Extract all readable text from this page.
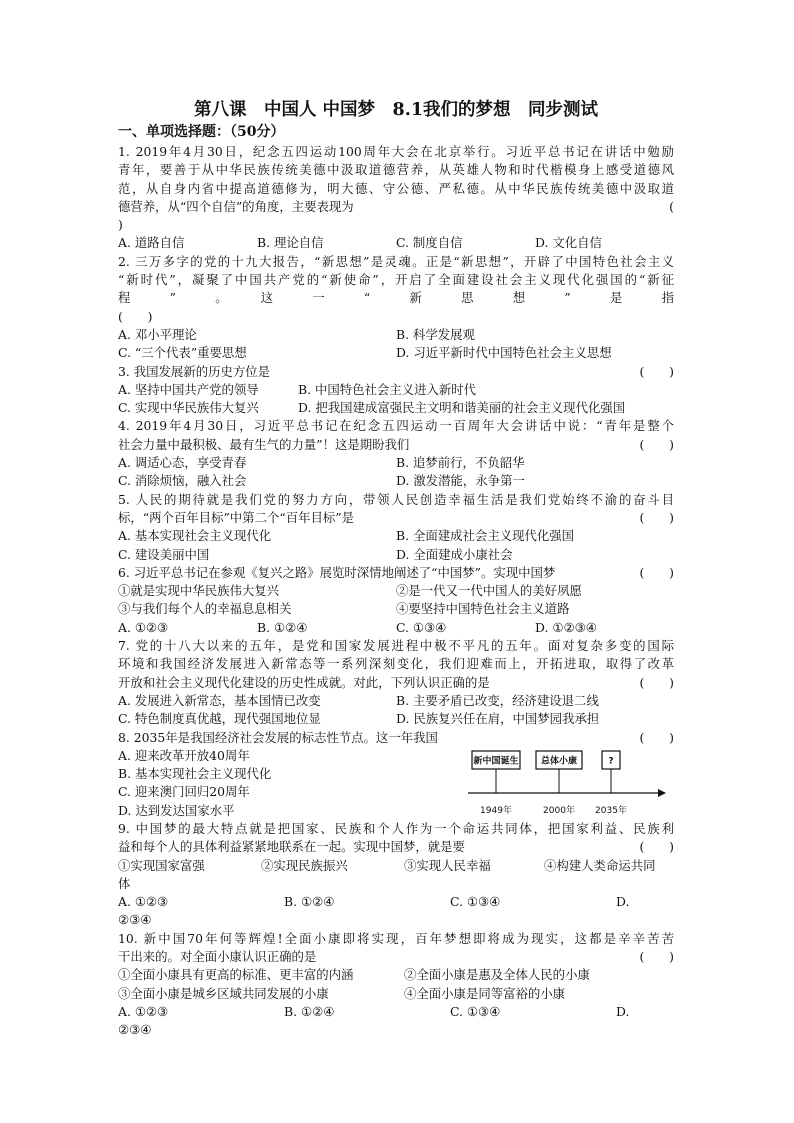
第八课　中国人 中国梦　8.1我们的梦想　同步测试
一、单项选择题：（50分）
1. 2019年4月30日，纪念五四运动100周年大会在北京举行。习近平总书记在讲话中勉励
青年，要善于从中华民族传统美德中汲取道德营养，从英雄人物和时代楷模身上感受道德风
范，从自身内省中提高道德修为，明大德、守公德、严私德。从中华民族传统美德中汲取道
德营养，从“四个自信”的角度，主要表现为	(
)
A. 道路自信	B. 理论自信	C. 制度自信	D. 文化自信
2. 三万多字的党的十九大报告，“新思想”是灵魂。正是“新思想”，开辟了中国特色社会主义
“新时代”，凝聚了中国共产党的“新使命”，开启了全面建设社会主义现代化强国的“新征
程　”　。　这　一　“　新　思　想　”　是　指
(　　)
A. 邓小平理论	B. 科学发展观
C. “三个代表”重要思想	D. 习近平新时代中国特色社会主义思想
3. 我国发展新的历史方位是	(　　)
A. 坚持中国共产党的领导	B. 中国特色社会主义进入新时代
C. 实现中华民族伟大复兴	D. 把我国建成富强民主文明和谐美丽的社会主义现代化强国
4. 2019年4月30日，习近平总书记在纪念五四运动一百周年大会讲话中说：“青年是整个
社会力量中最积极、最有生气的力量”！这是期盼我们	(　　)
A. 调适心态，享受青春	B. 追梦前行，不负韶华
C. 消除烦恼，融入社会	D. 激发潜能，永争第一
5. 人民的期待就是我们党的努力方向，带领人民创造幸福生活是我们党始终不渝的奋斗目
标，“两个百年目标”中第二个“百年目标”是	(　　)
A. 基本实现社会主义现代化	B. 全面建成社会主义现代化强国
C. 建设美丽中国	D. 全面建成小康社会
6. 习近平总书记在参观《复兴之路》展览时深情地阐述了“中国梦”。实现中国梦	(　　)
①就是实现中华民族伟大复兴	②是一代又一代中国人的美好夙愿
③与我们每个人的幸福息息相关	④要坚持中国特色社会主义道路
A. ①②③	B. ①②④	C. ①③④	D. ①②③④
7. 党的十八大以来的五年，是党和国家发展进程中极不平凡的五年。面对复杂多变的国际
环境和我国经济发展进入新常态等一系列深刻变化，我们迎难而上，开拓进取，取得了改革
开放和社会主义现代化建设的历史性成就。对此，下列认识正确的是	(　　)
A. 发展进入新常态，基本国情已改变	B. 主要矛盾已改变，经济建设退二线
C. 特色制度真优越，现代强国地位显	D. 民族复兴任在肩，中国梦园我承担
8. 2035年是我国经济社会发展的标志性节点。这一年我国	(　　)
A. 迎来改革开放40周年
B. 基本实现社会主义现代化
C. 迎来澳门回归20周年
D. 达到发达国家水平
新中国诞生 总体小康	?
1949年	2000年 2035年
9. 中国梦的最大特点就是把国家、民族和个人作为一个命运共同体，把国家利益、民族利
益和每个人的具体利益紧紧地联系在一起。实现中国梦，就是要	(　　)
①实现国家富强	②实现民族振兴	③实现人民幸福	④构建人类命运共同
体
A. ①②③	B. ①②④	C. ①③④	D.
②③④
10. 新中国70年何等辉煌!全面小康即将实现，百年梦想即将成为现实，这都是辛辛苦苦
干出来的。对全面小康认识正确的是	(　　)
①全面小康具有更高的标准、更丰富的内涵	②全面小康是惠及全体人民的小康
③全面小康是城乡区域共同发展的小康	④全面小康是同等富裕的小康
A. ①②③	B. ①②④	C. ①③④	D.
②③④
